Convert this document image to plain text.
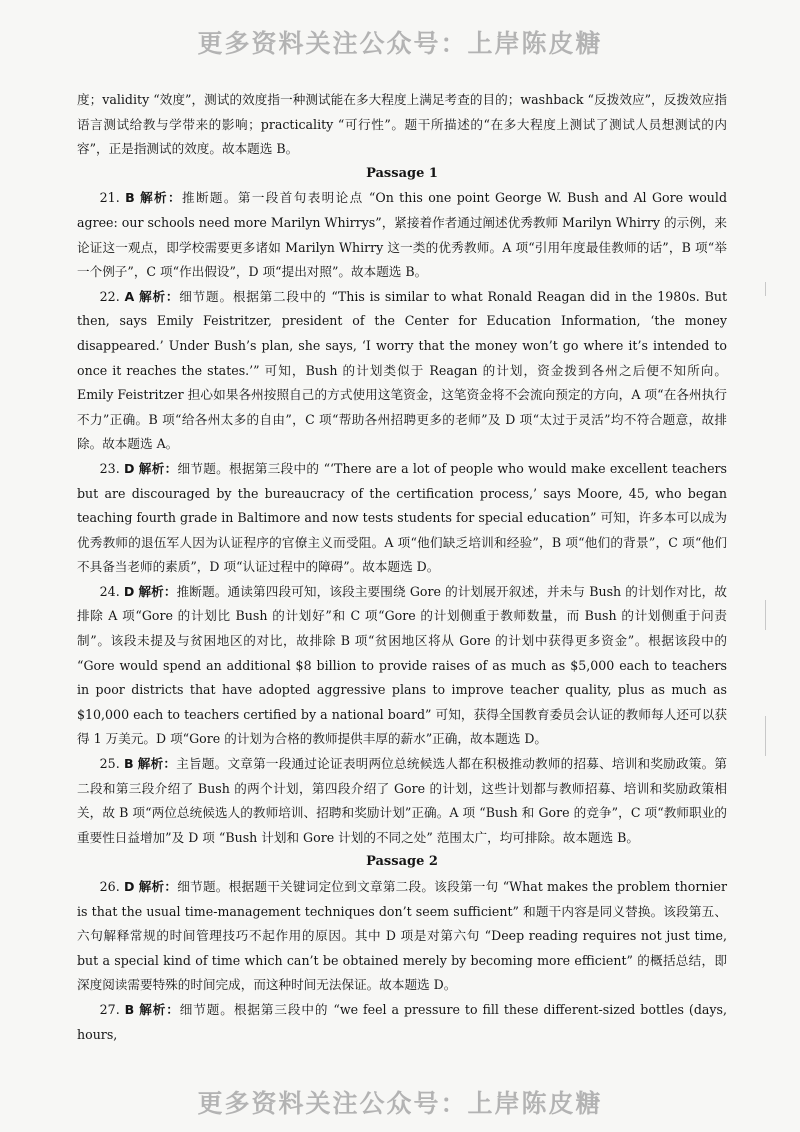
更多资料关注公众号：上岸陈皮糖

度；validity “效度”，测试的效度指一种测试能在多大程度上满足考查的目的；washback “反拨效应”，反拨效应指语言测试给教与学带来的影响；practicality “可行性”。题干所描述的“在多大程度上测试了测试人员想测试的内容”，正是指测试的效度。故本题选 B。

Passage 1

21. B 解析：推断题。第一段首句表明论点 “On this one point George W. Bush and Al Gore would agree: our schools need more Marilyn Whirrys”，紧接着作者通过阐述优秀教师 Marilyn Whirry 的示例，来论证这一观点，即学校需要更多诸如 Marilyn Whirry 这一类的优秀教师。A 项“引用年度最佳教师的话”，B 项“举一个例子”，C 项“作出假设”，D 项“提出对照”。故本题选 B。

22. A 解析：细节题。根据第二段中的 “This is similar to what Ronald Reagan did in the 1980s. But then, says Emily Feistritzer, president of the Center for Education Information, ‘the money disappeared.’ Under Bush’s plan, she says, ‘I worry that the money won’t go where it’s intended to once it reaches the states.’” 可知，Bush 的计划类似于 Reagan 的计划，资金拨到各州之后便不知所向。Emily Feistritzer 担心如果各州按照自己的方式使用这笔资金，这笔资金将不会流向预定的方向，A 项“在各州执行不力”正确。B 项“给各州太多的自由”，C 项“帮助各州招聘更多的老师”及 D 项“太过于灵活”均不符合题意，故排除。故本题选 A。

23. D 解析：细节题。根据第三段中的 “‘There are a lot of people who would make excellent teachers but are discouraged by the bureaucracy of the certification process,’ says Moore, 45, who began teaching fourth grade in Baltimore and now tests students for special education” 可知，许多本可以成为优秀教师的退伍军人因为认证程序的官僚主义而受阻。A 项“他们缺乏培训和经验”，B 项“他们的背景”，C 项“他们不具备当老师的素质”，D 项“认证过程中的障碍”。故本题选 D。

24. D 解析：推断题。通读第四段可知，该段主要围绕 Gore 的计划展开叙述，并未与 Bush 的计划作对比，故排除 A 项“Gore 的计划比 Bush 的计划好”和 C 项“Gore 的计划侧重于教师数量，而 Bush 的计划侧重于问责制”。该段未提及与贫困地区的对比，故排除 B 项“贫困地区将从 Gore 的计划中获得更多资金”。根据该段中的 “Gore would spend an additional $8 billion to provide raises of as much as $5,000 each to teachers in poor districts that have adopted aggressive plans to improve teacher quality, plus as much as $10,000 each to teachers certified by a national board” 可知，获得全国教育委员会认证的教师每人还可以获得 1 万美元。D 项“Gore 的计划为合格的教师提供丰厚的薪水”正确，故本题选 D。

25. B 解析：主旨题。文章第一段通过论证表明两位总统候选人都在积极推动教师的招募、培训和奖励政策。第二段和第三段介绍了 Bush 的两个计划，第四段介绍了 Gore 的计划，这些计划都与教师招募、培训和奖励政策相关，故 B 项“两位总统候选人的教师培训、招聘和奖励计划”正确。A 项 “Bush 和 Gore 的竞争”，C 项“教师职业的重要性日益增加”及 D 项 “Bush 计划和 Gore 计划的不同之处” 范围太广，均可排除。故本题选 B。

Passage 2

26. D 解析：细节题。根据题干关键词定位到文章第二段。该段第一句 “What makes the problem thornier is that the usual time-management techniques don’t seem sufficient” 和题干内容是同义替换。该段第五、六句解释常规的时间管理技巧不起作用的原因。其中 D 项是对第六句 “Deep reading requires not just time, but a special kind of time which can’t be obtained merely by becoming more efficient” 的概括总结，即深度阅读需要特殊的时间完成，而这种时间无法保证。故本题选 D。

27. B 解析：细节题。根据第三段中的 “we feel a pressure to fill these different-sized bottles (days, hours,

更多资料关注公众号：上岸陈皮糖
